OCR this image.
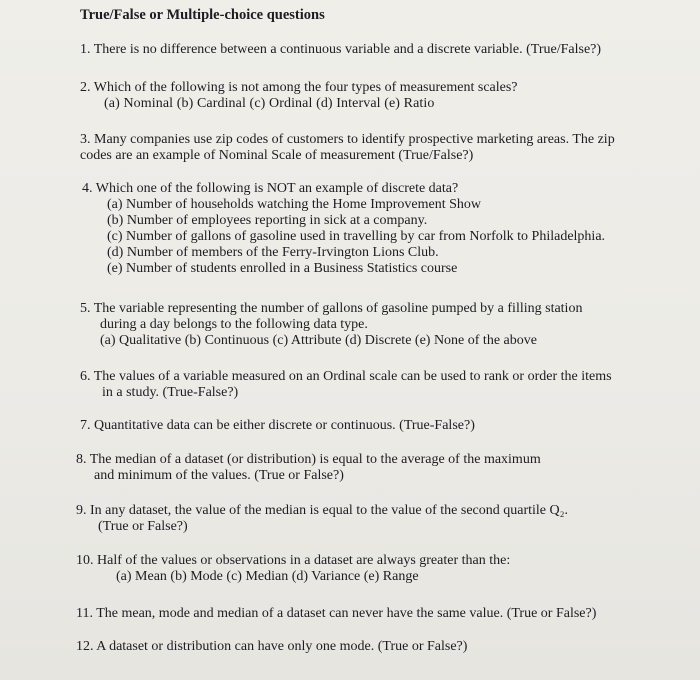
True/False or Multiple-choice questions
1. There is no difference between a continuous variable and a discrete variable. (True/False?)
2. Which of the following is not among the four types of measurement scales?
(a) Nominal (b) Cardinal (c) Ordinal (d) Interval (e) Ratio
3. Many companies use zip codes of customers to identify prospective marketing areas. The zip
codes are an example of Nominal Scale of measurement (True/False?)
4. Which one of the following is NOT an example of discrete data?
(a) Number of households watching the Home Improvement Show
(b) Number of employees reporting in sick at a company.
(c) Number of gallons of gasoline used in travelling by car from Norfolk to Philadelphia.
(d) Number of members of the Ferry-Irvington Lions Club.
(e) Number of students enrolled in a Business Statistics course
5. The variable representing the number of gallons of gasoline pumped by a filling station
during a day belongs to the following data type.
(a) Qualitative (b) Continuous (c) Attribute (d) Discrete (e) None of the above
6. The values of a variable measured on an Ordinal scale can be used to rank or order the items
in a study. (True-False?)
7. Quantitative data can be either discrete or continuous. (True-False?)
8. The median of a dataset (or distribution) is equal to the average of the maximum
and minimum of the values. (True or False?)
9. In any dataset, the value of the median is equal to the value of the second quartile Q₂.
(True or False?)
10. Half of the values or observations in a dataset are always greater than the:
(a) Mean (b) Mode (c) Median (d) Variance (e) Range
11. The mean, mode and median of a dataset can never have the same value. (True or False?)
12. A dataset or distribution can have only one mode. (True or False?)
